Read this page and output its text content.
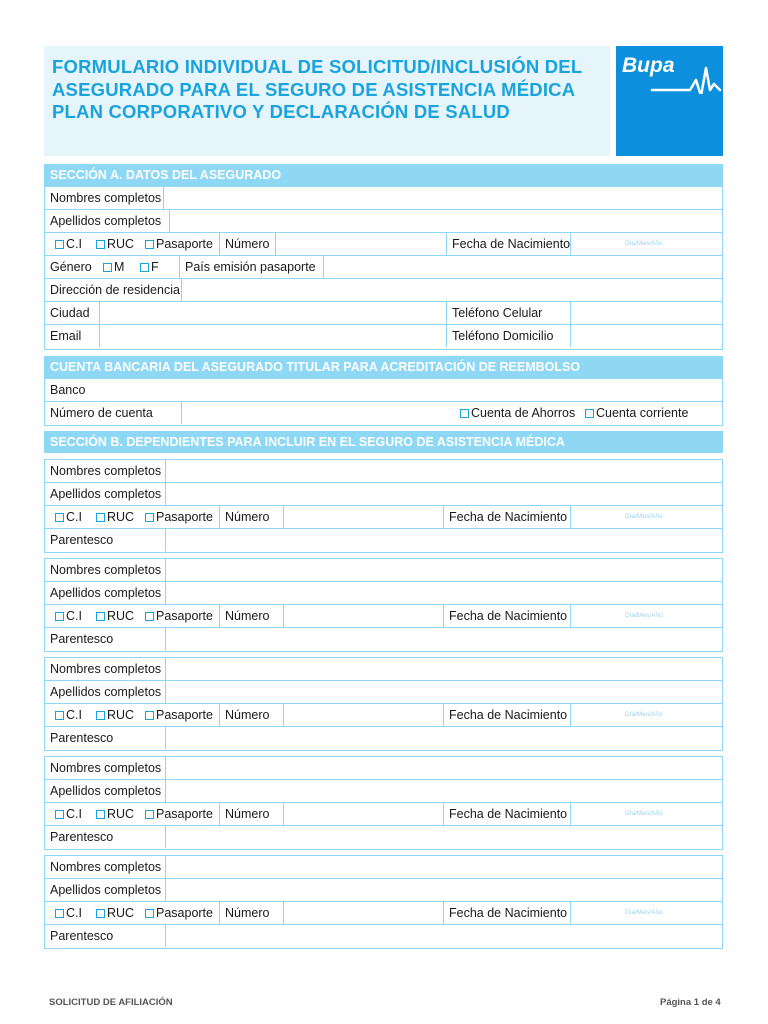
FORMULARIO INDIVIDUAL DE SOLICITUD/INCLUSIÓN DEL ASEGURADO PARA EL SEGURO DE ASISTENCIA MÉDICA PLAN CORPORATIVO Y DECLARACIÓN DE SALUD
Bupa
SECCIÓN A. DATOS DEL ASEGURADO
Nombres completos
Apellidos completos
C.I	RUC	Pasaporte Número	Fecha de Nacimiento	Día/Mes/Año
Género	M	F	País emisión pasaporte
Dirección de residencia
Ciudad	Teléfono Celular
Email	Teléfono Domicilio
CUENTA BANCARIA DEL ASEGURADO TITULAR PARA ACREDITACIÓN DE REEMBOLSO
Banco
Número de cuenta	Cuenta de Ahorros	Cuenta corriente
SECCIÓN B. DEPENDIENTES PARA INCLUIR EN EL SEGURO DE ASISTENCIA MÉDICA
Nombres completos
Apellidos completos
C.I	RUC	Pasaporte Número	Fecha de Nacimiento	Día/Mes/Año
Parentesco
Nombres completos
Apellidos completos
C.I	RUC	Pasaporte Número	Fecha de Nacimiento	Día/Mes/Año
Parentesco
Nombres completos
Apellidos completos
C.I	RUC	Pasaporte Número	Fecha de Nacimiento	Día/Mes/Año
Parentesco
Nombres completos
Apellidos completos
C.I	RUC	Pasaporte Número	Fecha de Nacimiento	Día/Mes/Año
Parentesco
Nombres completos
Apellidos completos
C.I	RUC	Pasaporte Número	Fecha de Nacimiento	Día/Mes/Año
Parentesco
SOLICITUD DE AFILIACIÓN	Página 1 de 4
